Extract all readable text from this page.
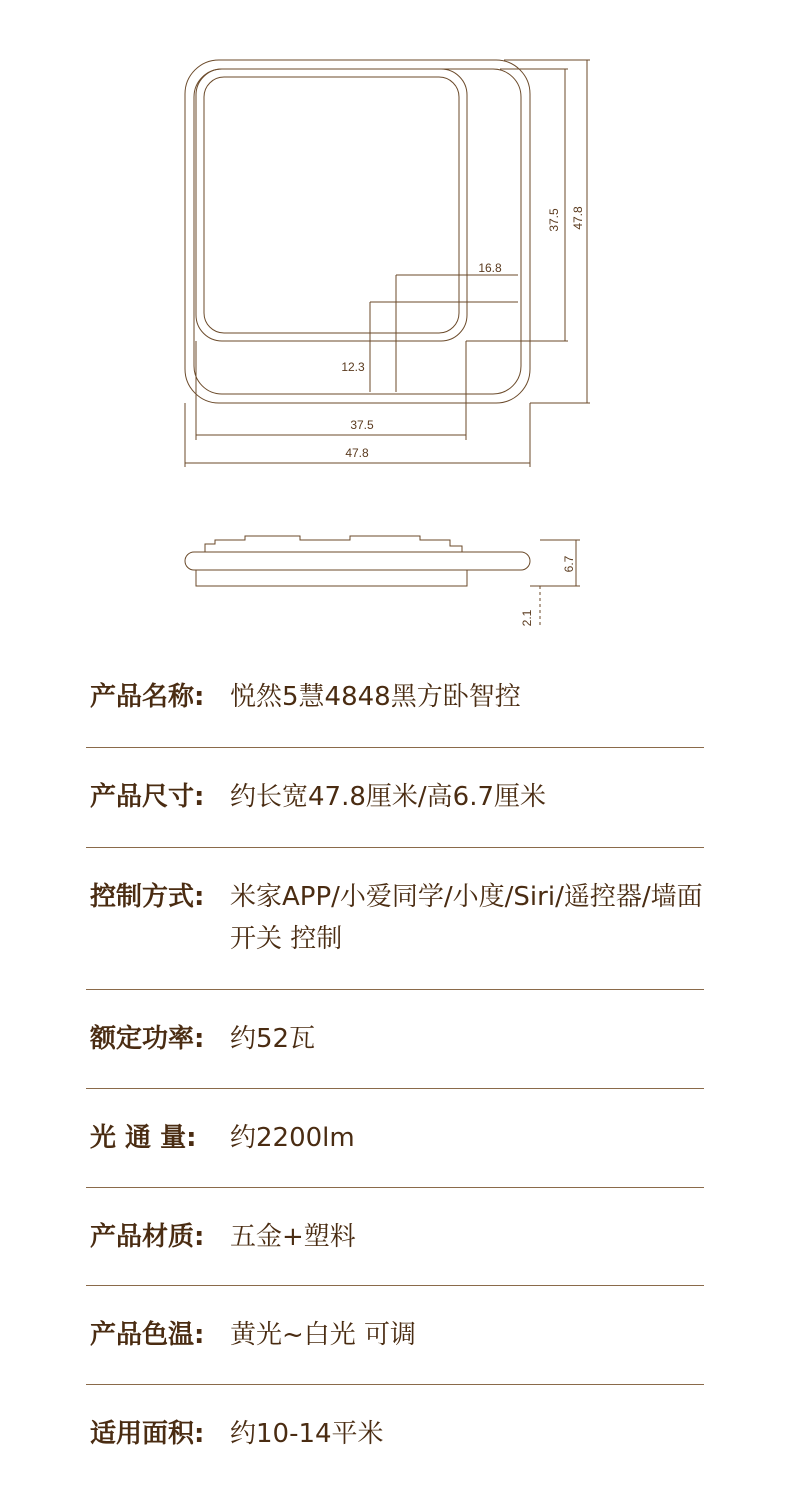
37.5 47.8
16.8
12.3
37.5
47.8
6.7
2.1
产品名称: 悦然5慧4848黑方卧智控
产品尺寸: 约长宽47.8厘米/高6.7厘米
控制方式: 米家APP/小爱同学/小度/Siri/遥控器/墙面开关 控制
额定功率: 约52瓦
光 通 量:	约2200lm
产品材质: 五金+塑料
产品色温: 黄光~白光 可调
适用面积: 约10-14平米
